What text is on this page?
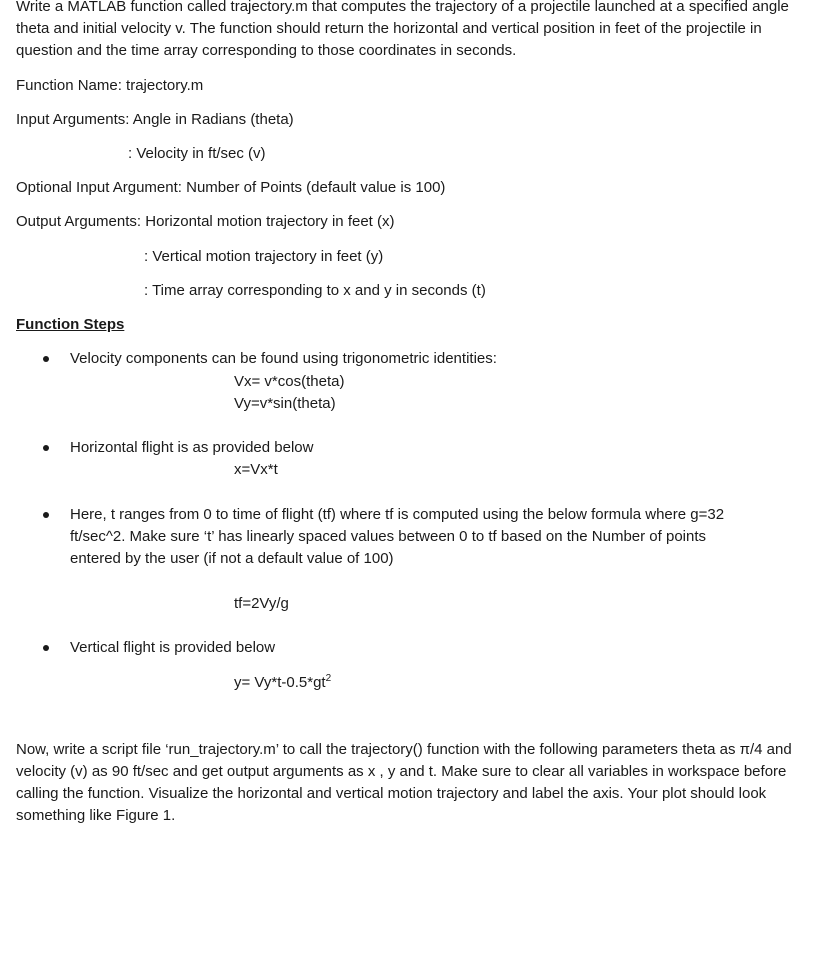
Write a MATLAB function called trajectory.m that computes the trajectory of a projectile launched at a specified angle theta and initial velocity v. The function should return the horizontal and vertical position in feet of the projectile in question and the time array corresponding to those coordinates in seconds.
Function Name: trajectory.m
Input Arguments: Angle in Radians (theta)
: Velocity in ft/sec (v)
Optional Input Argument: Number of Points (default value is 100)
Output Arguments: Horizontal motion trajectory in feet (x)
: Vertical motion trajectory in feet (y)
: Time array corresponding to x and y in seconds (t)
Function Steps
Velocity components can be found using trigonometric identities:
Vx= v*cos(theta)
Vy=v*sin(theta)
Horizontal flight is as provided below
x=Vx*t
Here, t ranges from 0 to time of flight (tf) where tf is computed using the below formula where g=32 ft/sec^2. Make sure ‘t’ has linearly spaced values between 0 to tf based on the Number of points entered by the user (if not a default value of 100)
tf=2Vy/g
Vertical flight is provided below
$y= Vy*t-0.5*gt^2$
Now, write a script file ‘run_trajectory.m’ to call the trajectory() function with the following parameters theta as π/4 and velocity (v) as 90 ft/sec and get output arguments as x , y and t. Make sure to clear all variables in workspace before calling the function. Visualize the horizontal and vertical motion trajectory and label the axis. Your plot should look something like Figure 1.
